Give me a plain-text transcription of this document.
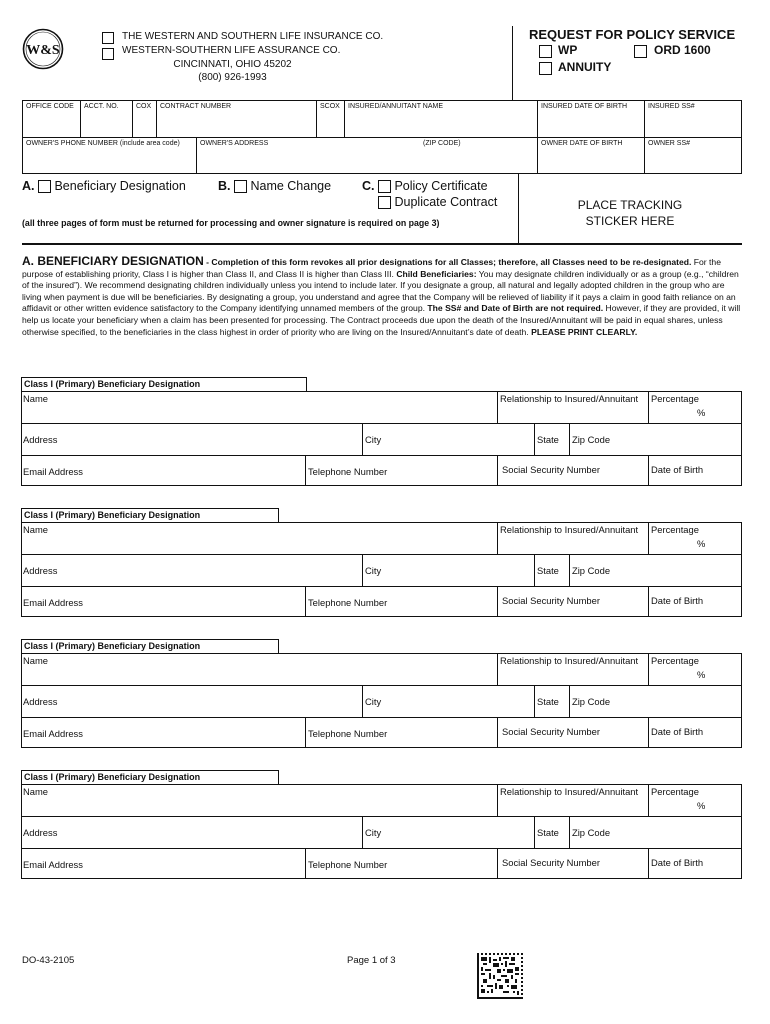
W&S
THE WESTERN AND SOUTHERN LIFE INSURANCE CO.
WESTERN-SOUTHERN LIFE ASSURANCE CO.
CINCINNATI, OHIO 45202
(800) 926-1993
REQUEST FOR POLICY SERVICE
WP	ORD 1600
ANNUITY
OFFICE CODE	ACCT. NO.	COX	CONTRACT NUMBER	SCOX	INSURED/ANNUITANT NAME	INSURED DATE OF BIRTH	INSURED SS#
OWNER'S PHONE NUMBER (include area code)	OWNER'S ADDRESS	(ZIP CODE)	OWNER DATE OF BIRTH	OWNER SS#
A. Beneficiary Designation	B. Name Change C. Policy Certificate
Duplicate Contract
(all three pages of form must be returned for processing and owner signature is required on page 3)
PLACE TRACKING STICKER HERE
A. BENEFICIARY DESIGNATION - Completion of this form revokes all prior designations for all Classes; therefore, all Classes need to be re-designated. For the purpose of establishing priority, Class I is higher than Class II, and Class II is higher than Class III. Child Beneficiaries: You may designate children individually or as a group (e.g., “children of the insured”). We recommend designating children individually unless you intend to include later. If you designate a group, all natural and legally adopted children in the group who are living when payment is due will be beneficiaries. By designating a group, you understand and agree that the Company will be relieved of liability if it pays a claim in good faith reliance on an affidavit or other written evidence satisfactory to the Company identifying unnamed members of the group. The SS# and Date of Birth are not required. However, if they are provided, it will help us locate your beneficiary when a claim has been presented for processing. The Contract proceeds due upon the death of the Insured/Annuitant will be paid in equal shares, unless otherwise specified, to the beneficiaries in the class highest in order of priority who are living on the Insured/Annuitant’s date of death. PLEASE PRINT CLEARLY.
Class I (Primary) Beneficiary Designation
Name	Relationship to Insured/Annuitant Percentage
%
Address	City	State Zip Code
Email Address	Telephone Number	Social Security Number	Date of Birth
Class I (Primary) Beneficiary Designation
Name	Relationship to Insured/Annuitant Percentage
%
Address	City	State Zip Code
Email Address	Telephone Number	Social Security Number	Date of Birth
Class I (Primary) Beneficiary Designation
Name	Relationship to Insured/Annuitant Percentage
%
Address	City	State Zip Code
Email Address	Telephone Number	Social Security Number	Date of Birth
Class I (Primary) Beneficiary Designation
Name	Relationship to Insured/Annuitant Percentage
%
Address	City	State Zip Code
Email Address	Telephone Number	Social Security Number	Date of Birth
DO-43-2105	Page 1 of 3
